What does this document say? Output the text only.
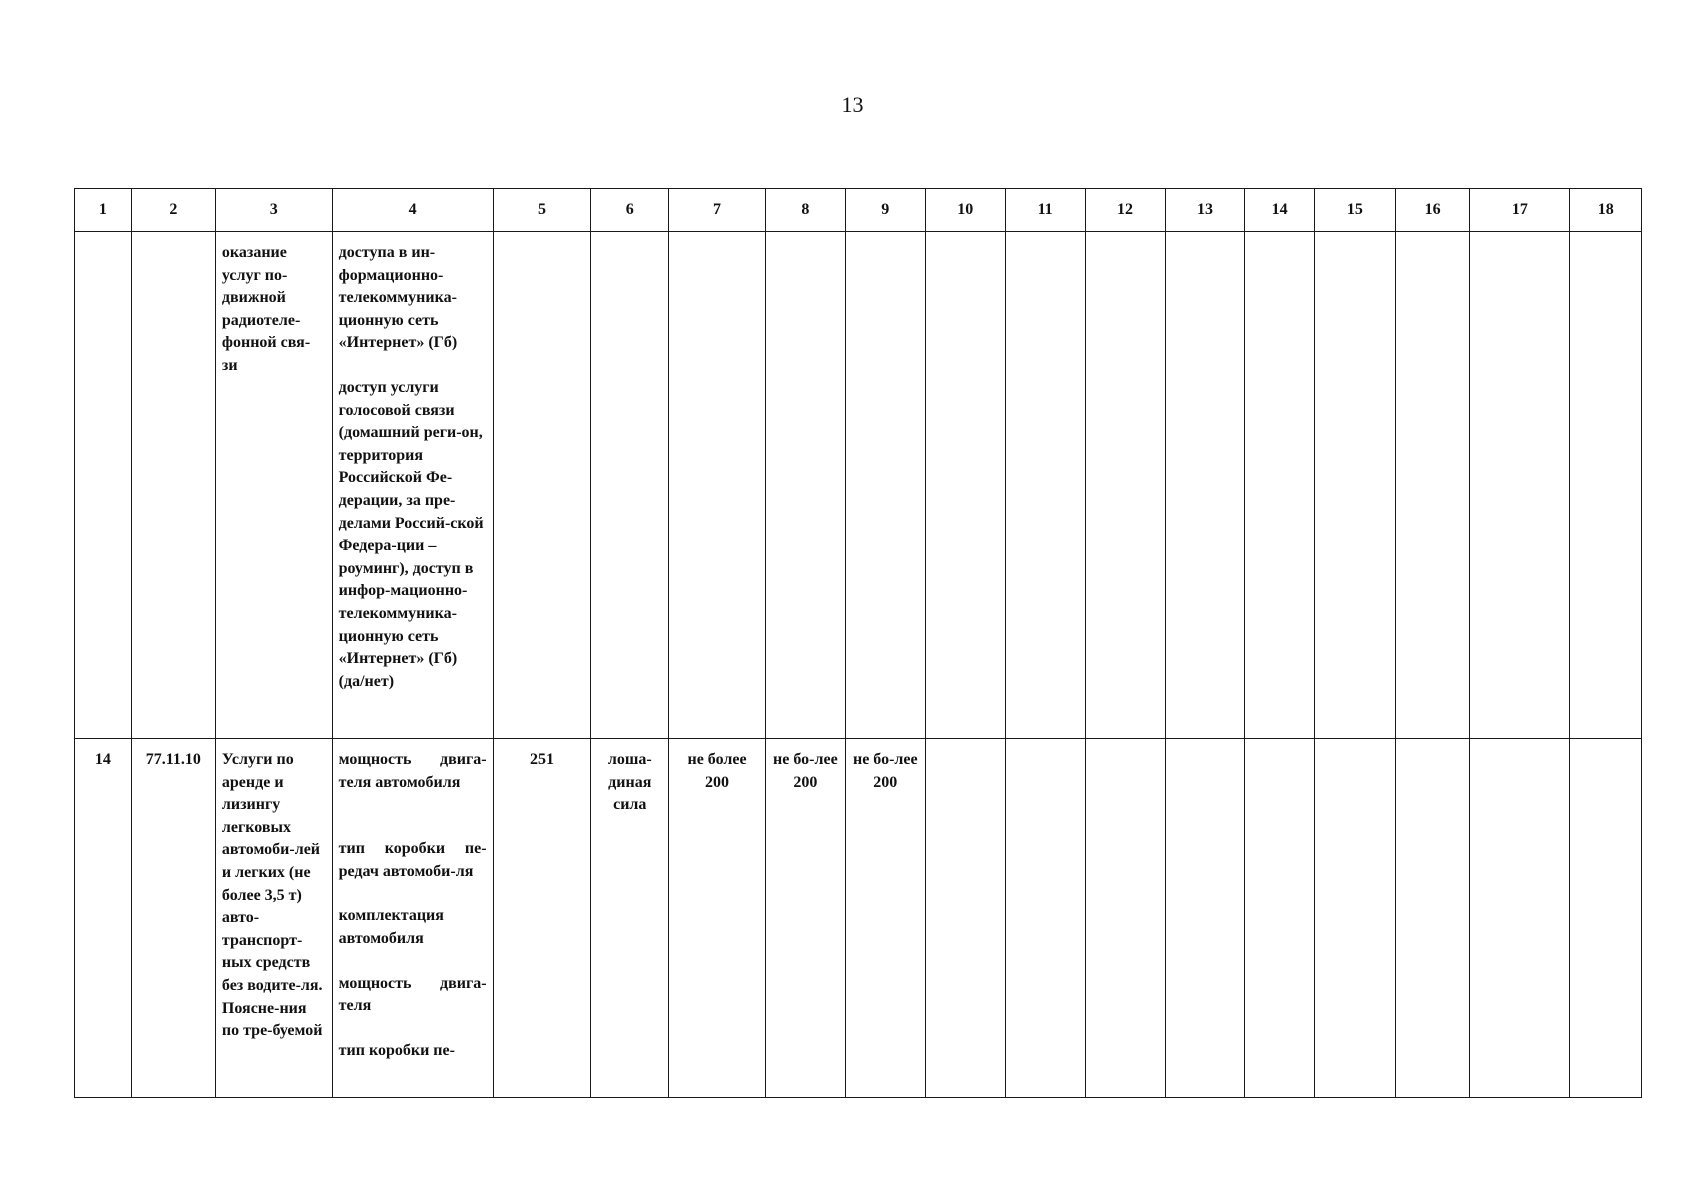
13
1	2	3	4	5	6	7	8	9	10	11	12	13	14	15	16	17	18
		оказание услуг по-движной радиотеле-фонной свя-зи	доступа в ин-формационно-телекоммуника-ционную сеть «Интернет» (Гб)
доступ услуги голосовой связи (домашний реги-он, территория Российской Фе-дерации, за пре-делами Россий-ской Федера-ции – роуминг), доступ в инфор-мационно-телекоммуника-ционную сеть «Интернет» (Гб) (да/нет)														

14	77.11.10	Услуги по аренде и лизингу легковых автомоби-лей и легких (не более 3,5 т) авто-транспорт-ных средств без водите-ля. Поясне-ния по тре-буемой	мощность двига-теля автомобиля
тип коробки пе-редач автомоби-ля
комплектация автомобиля
мощность двига-теля
тип коробки пе-	251	лоша-диная сила	не более 200	не бо-лее 200	не бо-лее 200									
